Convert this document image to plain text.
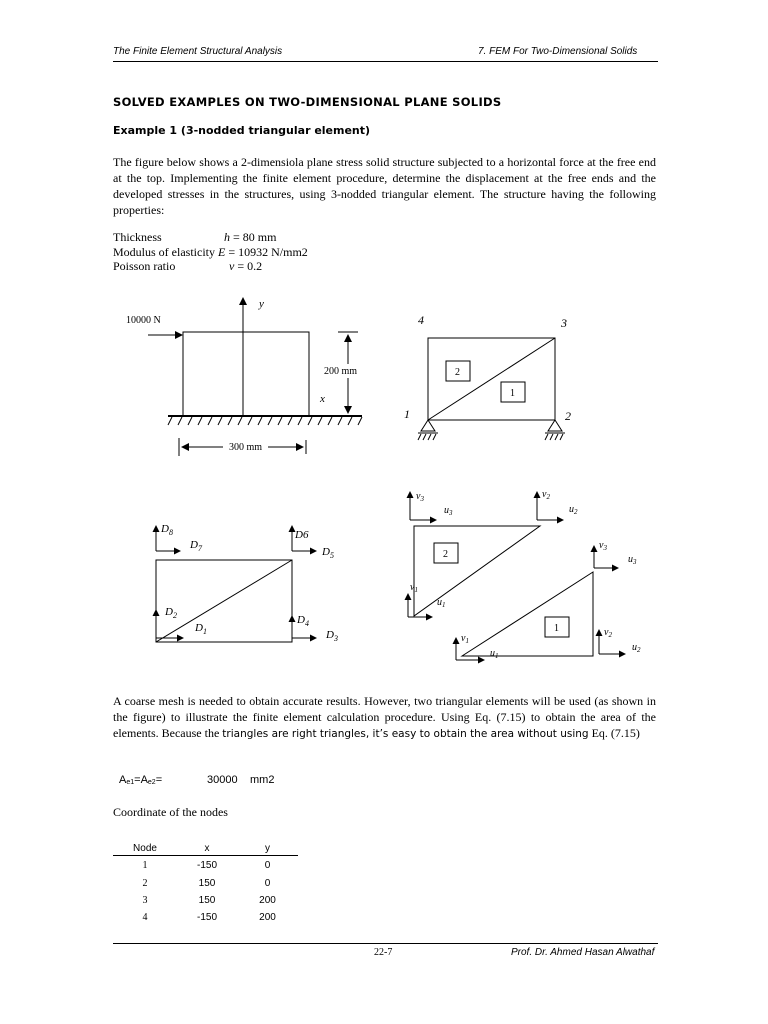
The Finite Element Structural Analysis	7. FEM For Two-Dimensional Solids
SOLVED EXAMPLES ON TWO-DIMENSIONAL PLANE SOLIDS
Example 1 (3-nodded triangular element)
The figure below shows a 2-dimensiola plane stress solid structure subjected to a horizontal force at the free end at the top. Implementing the finite element procedure, determine the displacement at the free ends and the developed stresses in the structures, using 3-nodded triangular element. The structure having the following properties:
Thickness	h = 80 mm
Modulus of elasticity E = 10932 N/mm2
Poisson ratio	v = 0.2
10000 N
y
x
200 mm
300 mm
2
1
4	3
1	2
$D_8$
$D_7$
D6
$D_5$
$D_2$
$D_1$
$D_4$
$D_3$
2
1
$v_3$
$u_3$
$v_2$
$u_2$
$v_1$
$u_1$
$v_3$
$u_3$
$v_1$
$u_1$
$v_2$
$u_2$
A coarse mesh is needed to obtain accurate results. However, two triangular elements will be used (as shown in the figure) to illustrate the finite element calculation procedure. Using Eq. (7.15) to obtain the area of the elements. Because the triangles are right triangles, it’s easy to obtain the area without using Eq. (7.15)
$A_{e1}=A_{e2}=$	30000 mm2
Coordinate of the nodes
Node	x	y
1	-150	0
2	150	0
3	150	200
4	-150	200
22-7	Prof. Dr. Ahmed Hasan Alwathaf
